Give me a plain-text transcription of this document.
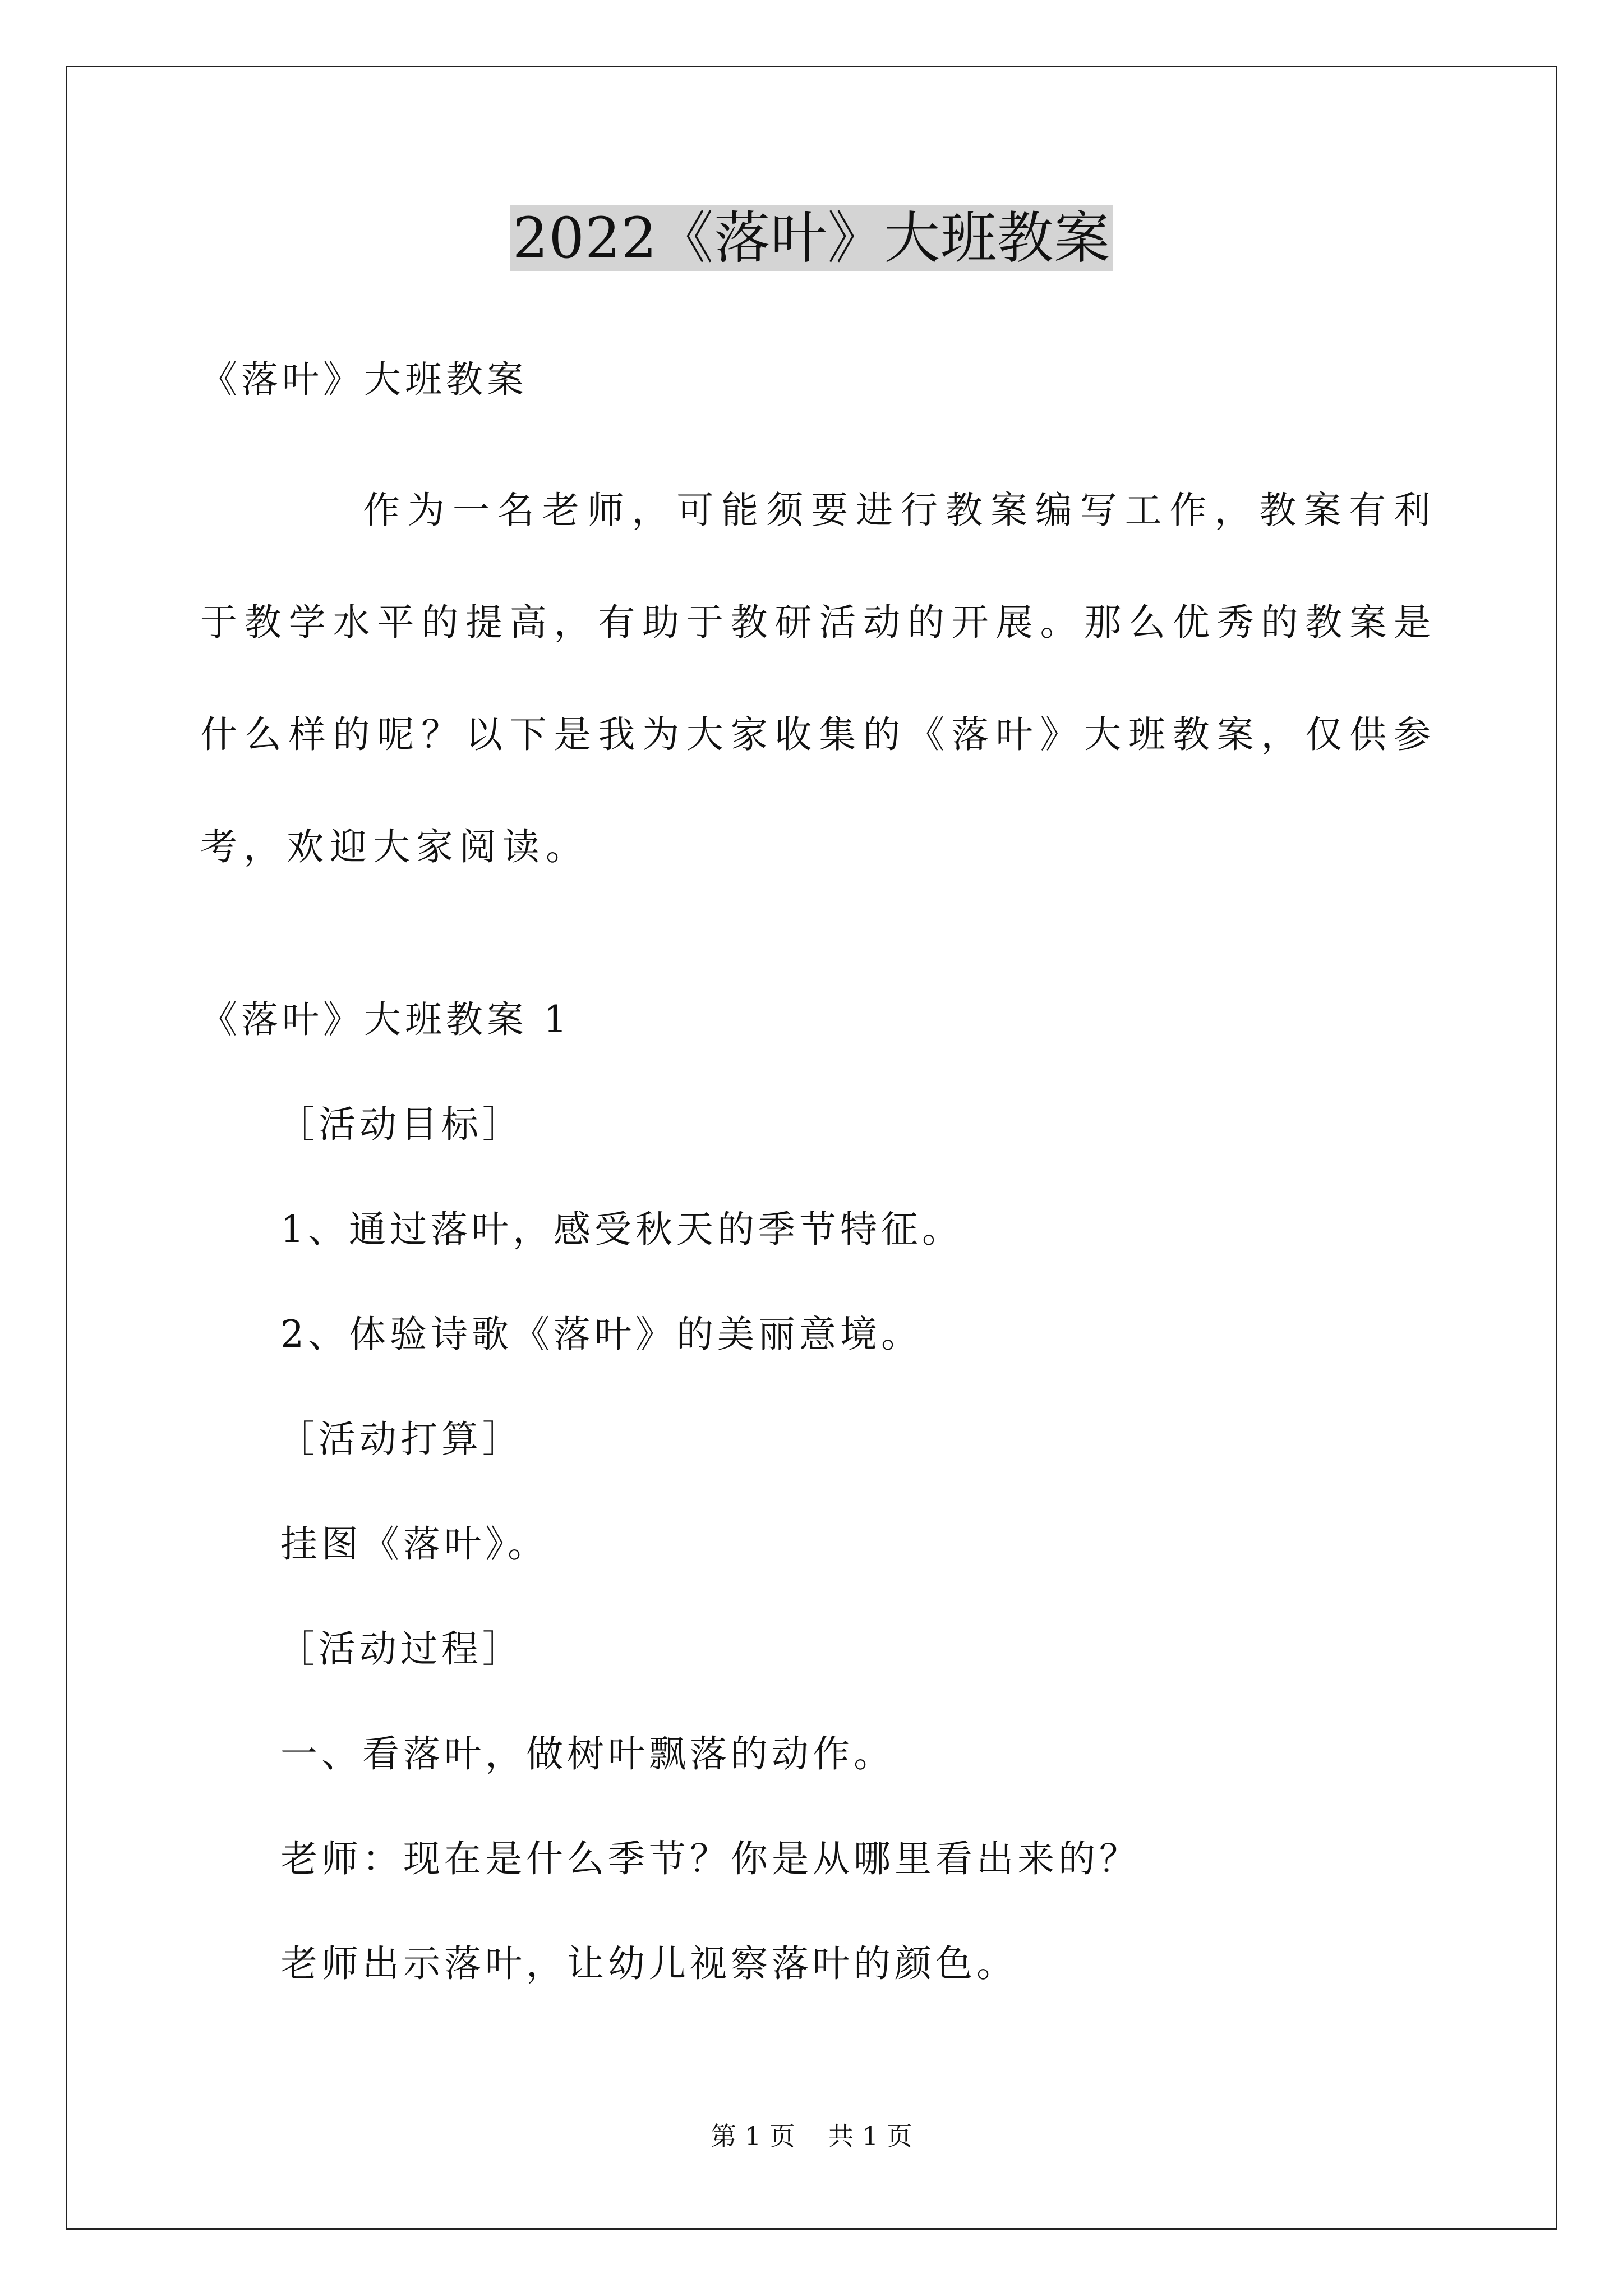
2022《落叶》大班教案
《落叶》大班教案
作为一名老师，可能须要进行教案编写工作，教案有利于教学水平的提高，有助于教研活动的开展。那么优秀的教案是什么样的呢？以下是我为大家收集的《落叶》大班教案，仅供参考，欢迎大家阅读。
《落叶》大班教案 1
［活动目标］
1、通过落叶，感受秋天的季节特征。
2、体验诗歌《落叶》的美丽意境。
［活动打算］
挂图《落叶》。
［活动过程］
一、看落叶，做树叶飘落的动作。
老师：现在是什么季节？你是从哪里看出来的？
老师出示落叶，让幼儿视察落叶的颜色。
第 1 页    共 1 页
